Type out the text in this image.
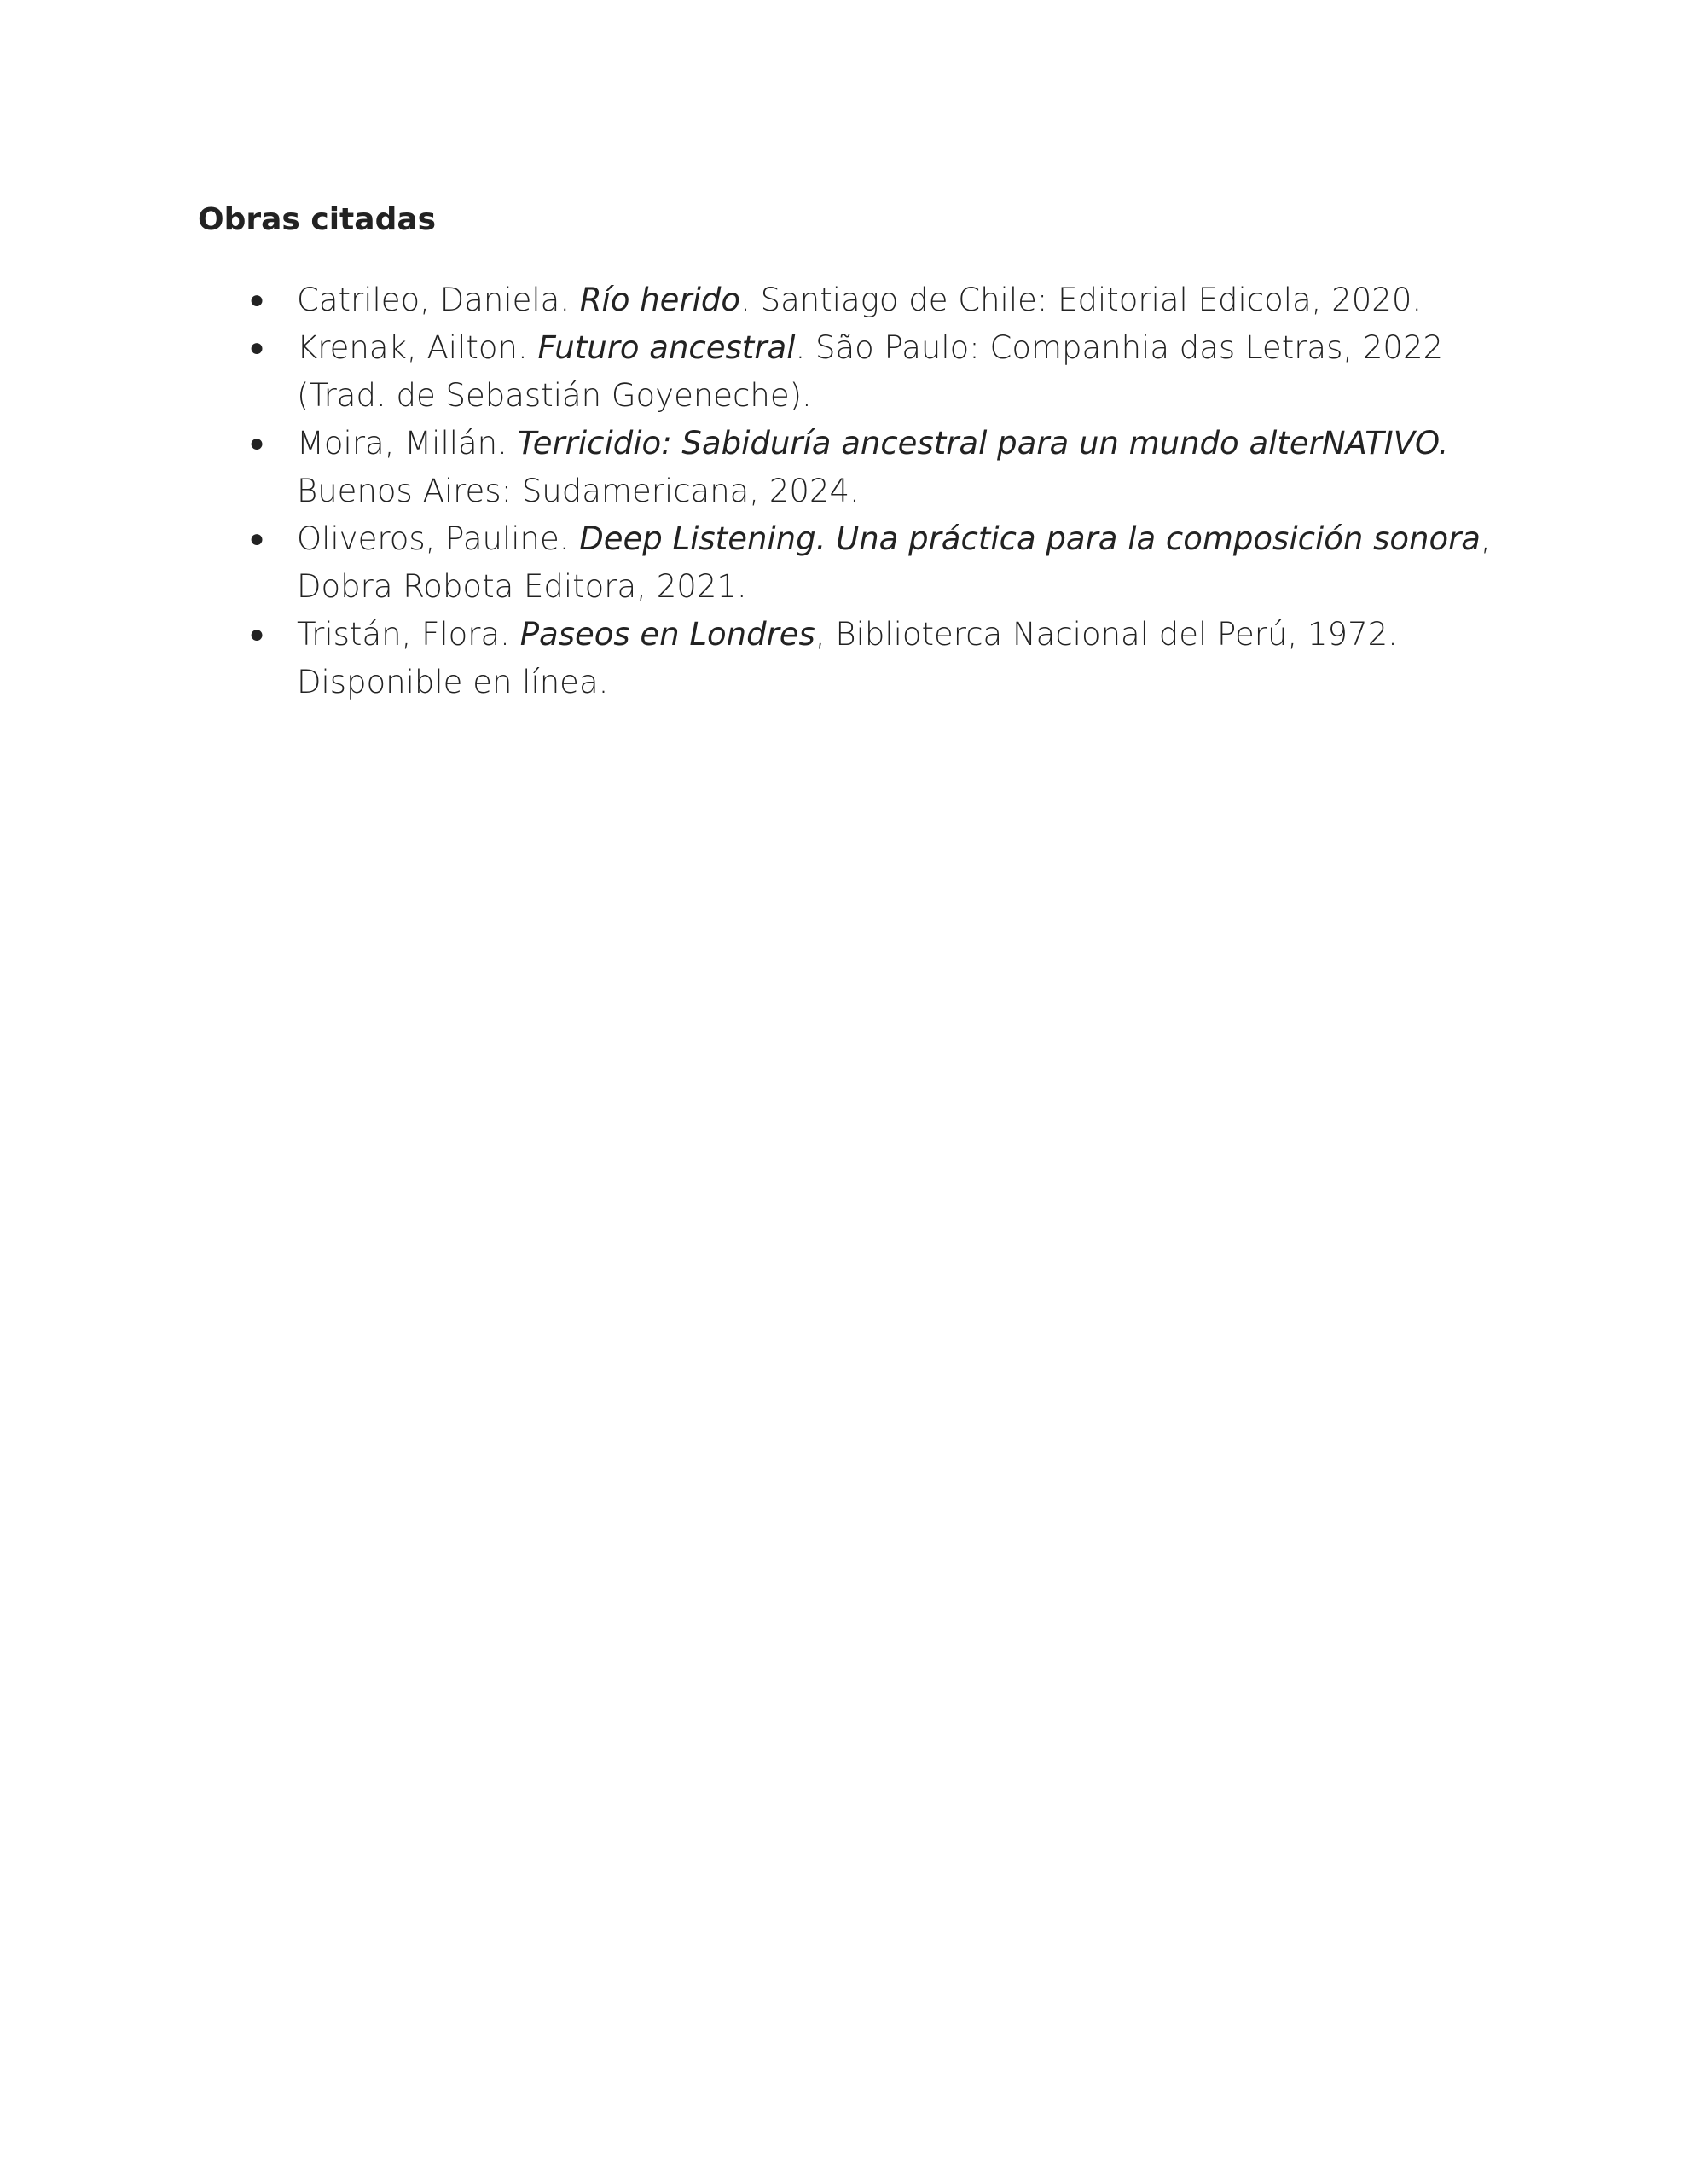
Obras citadas
● Catrileo, Daniela. Río herido. Santiago de Chile: Editorial Edicola, 2020.
● Krenak, Ailton. Futuro ancestral. São Paulo: Companhia das Letras, 2022 (Trad. de Sebastián Goyeneche).
● Moira, Millán. Terricidio: Sabiduría ancestral para un mundo alterNATIVO. Buenos Aires: Sudamericana, 2024.
● Oliveros, Pauline. Deep Listening. Una práctica para la composición sonora, Dobra Robota Editora, 2021.
● Tristán, Flora. Paseos en Londres, Biblioterca Nacional del Perú, 1972. Disponible en línea.
